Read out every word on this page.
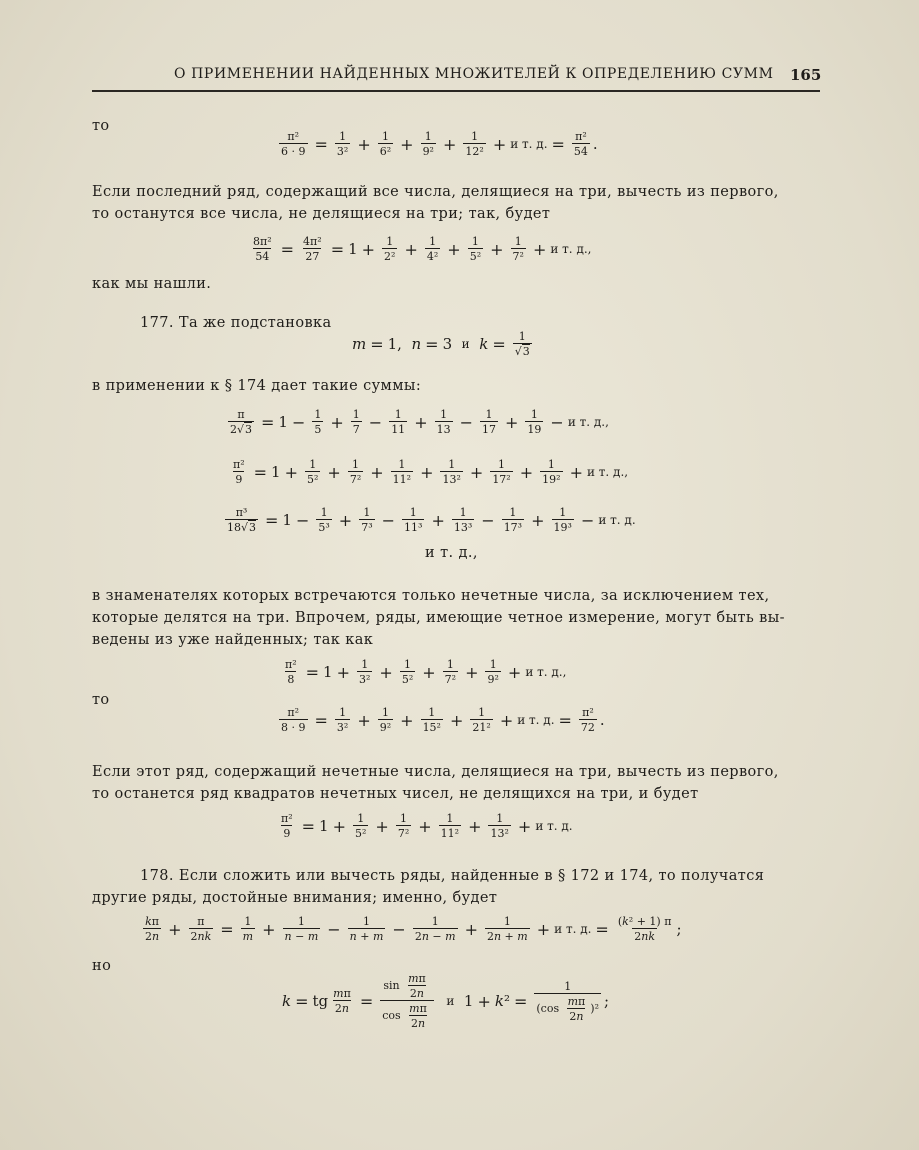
О ПРИМЕНЕНИИ НАЙДЕННЫХ МНОЖИТЕЛЕЙ К ОПРЕДЕЛЕНИЮ СУММ 165
то
$\frac{\text{π²}}{6 \cdot 9} = \frac{1}{\text{3²}} + \frac{1}{\text{6²}} + \frac{1}{\text{9²}} + \frac{1}{\text{12²}} + и$ т. д. = $\frac{\text{π²}}{54}$ .
Если последний ряд, содержащий все числа, делящиеся на три, вычесть из первого,
то останутся все числа, не делящиеся на три; так, будет
$\frac{\text{8π²}}{54} = \frac{\text{4π²}}{27} = 1 + \frac{1}{\text{2²}} + \frac{1}{\text{4²}} + \frac{1}{\text{5²}} + \frac{1}{\text{7²}} + и$ т. д.,
как мы нашли.
177. Та же подстановка
m = 1,
n = 3
и
$k = \frac{1}{√3}$
в применении к § 174 дает такие суммы:
$\frac{\pi}{2√3} = 1 - \frac{1}{5} + \frac{1}{7} - \frac{1}{11} + \frac{1}{13} - \frac{1}{17} + \frac{1}{19} - и$ т. д.,
$\frac{\text{π²}}{9} = 1 + \frac{1}{\text{5²}} + \frac{1}{\text{7²}} + \frac{1}{\text{11²}} + \frac{1}{\text{13²}} + \frac{1}{\text{17²}} + \frac{1}{\text{19²}} + и$ т. д.,
$\frac{\text{π³}}{18√3} = 1 - \frac{1}{\text{5³}} + \frac{1}{\text{7³}} - \frac{1}{\text{11³}} + \frac{1}{\text{13³}} - \frac{1}{\text{17³}} + \frac{1}{\text{19³}} - и$ т. д.
и т. д.,
в знаменателях которых встречаются только нечетные числа, за исключением тех,
которые делятся на три. Впрочем, ряды, имеющие четное измерение, могут быть вы-
ведены из уже найденных; так как
$\frac{\text{π²}}{8} = 1 + \frac{1}{\text{3²}} + \frac{1}{\text{5²}} + \frac{1}{\text{7²}} + \frac{1}{\text{9²}} + и$ т. д.,
то
$\frac{\text{π²}}{8 \cdot 9} = \frac{1}{\text{3²}} + \frac{1}{\text{9²}} + \frac{1}{\text{15²}} + \frac{1}{\text{21²}} + и$ т. д. = $\frac{\text{π²}}{72}$ .
Если этот ряд, содержащий нечетные числа, делящиеся на три, вычесть из первого,
то останется ряд квадратов нечетных чисел, не делящихся на три, и будет
$\frac{\text{π²}}{9} = 1 + \frac{1}{\text{5²}} + \frac{1}{\text{7²}} + \frac{1}{\text{11²}} + \frac{1}{\text{13²}} + и$ т. д.
178. Если сложить или вычесть ряды, найденные в § 172 и 174, то получатся
другие ряды, достойные внимания; именно, будет
$\frac{k\pi}{2n} + \frac{\pi}{2nk} = \frac{1}{m} + \frac{1}{n - m} - \frac{1}{n + m} - \frac{1}{2n - m} + \frac{1}{2n + m} + и$ т. д. = $\frac{\text{(k² + 1) π}}{2nk}$ ;
но
k = tg $\frac{m\pi}{2n} = \frac{\sin \frac{m\pi}{2n}}{\cos \frac{m\pi}{2n}}$
и
1 + k $^2 = \frac{1}{(\cos \frac{m\pi}{2n} )^2}$ ;
